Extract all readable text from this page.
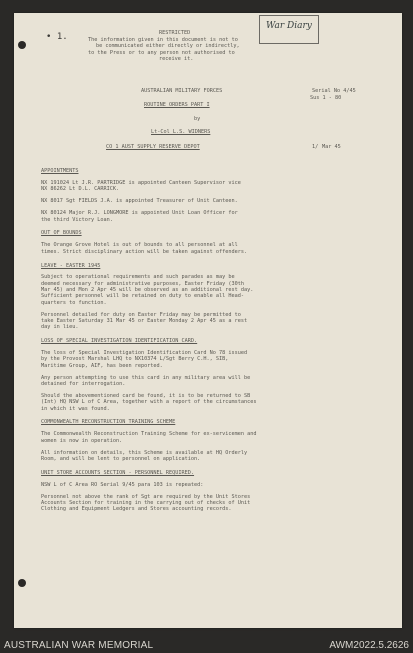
• 1.
War Diary
RESTRICTED
The information given in this document is not to
be communicated either directly or indirectly,
to the Press or to any person not authorised to
receive it.
AUSTRALIAN MILITARY FORCES	Serial No 4/45
Sus 1 - 80
ROUTINE ORDERS PART I
by
Lt-Col L.S. WIDNERS
CO 1 AUST SUPPLY RESERVE DEPOT	1/ Mar 45
APPOINTMENTS
NX 191024 Lt J.R. PARTRIDGE is appointed Canteen Supervisor vice
NX 86262 Lt D.L. CARRICK.
NX 8017 Sgt FIELDS J.A. is appointed Treasurer of Unit Canteen.
NX 80124 Major R.J. LONGMORE is appointed Unit Loan Officer for
the third Victory Loan.
OUT OF BOUNDS
The Orange Grove Hotel is out of bounds to all personnel at all
times. Strict disciplinary action will be taken against offenders.
LEAVE - EASTER 1945
Subject to operational requirements and such parades as may be
deemed necessary for administrative purposes, Easter Friday (30th
Mar 45) and Mon 2 Apr 45 will be observed as an additional rest day.
Sufficient personnel will be retained on duty to enable all Head-
quarters to function.
Personnel detailed for duty on Easter Friday may be permitted to
take Easter Saturday 31 Mar 45 or Easter Monday 2 Apr 45 as a rest
day in lieu.
LOSS OF SPECIAL INVESTIGATION IDENTIFICATION CARD.
The loss of Special Investigation Identification Card No 78 issued
by the Provost Marshal LHQ to NX10374 L/Sgt Berry C.H., SIB,
Maritime Group, AIF, has been reported.
Any person attempting to use this card in any military area will be
detained for interrogation.
Should the abovementioned card be found, it is to be returned to SB
(Int) HQ NSW L of C Area, together with a report of the circumstances
in which it was found.
COMMONWEALTH RECONSTRUCTION TRAINING SCHEME
The Commonwealth Reconstruction Training Scheme for ex-servicemen and
women is now in operation.
All information on details, this Scheme is available at HQ Orderly
Room, and will be lent to personnel on application.
UNIT STORE ACCOUNTS SECTION - PERSONNEL REQUIRED.
NSW L of C Area RO Serial 9/45 para 103 is repeated:
Personnel not above the rank of Sgt are required by the Unit Stores
Accounts Section for training in the carrying out of checks of Unit
Clothing and Equipment Ledgers and Stores accounting records.
AUSTRALIAN WAR MEMORIAL	AWM2022.5.2626
